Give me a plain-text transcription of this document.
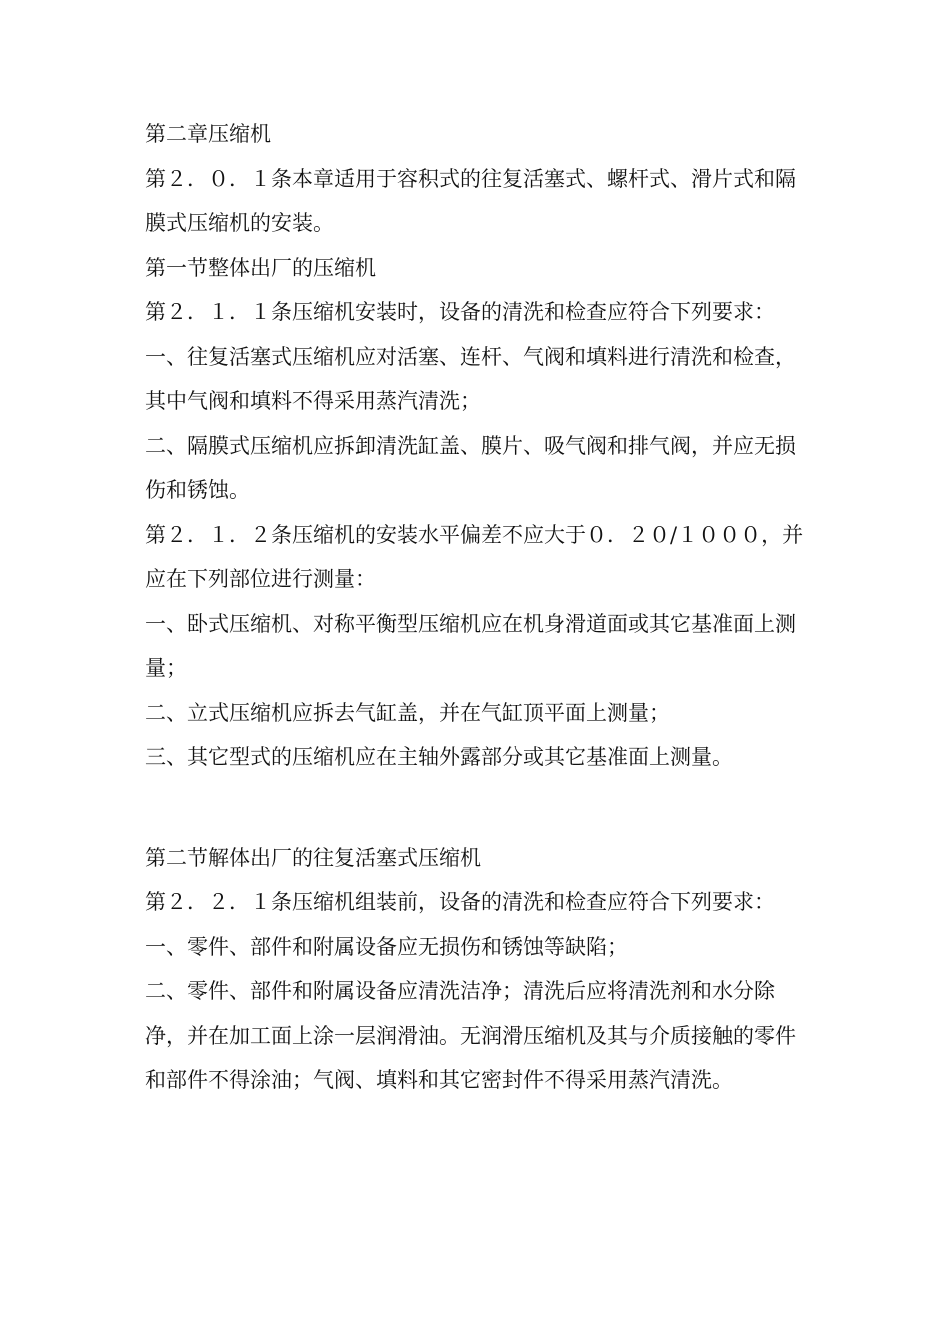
第二章压缩机

第２．０．１条本章适用于容积式的往复活塞式、螺杆式、滑片式和隔膜式压缩机的安装。

第一节整体出厂的压缩机

第２．１．１条压缩机安装时，设备的清洗和检查应符合下列要求：

一、往复活塞式压缩机应对活塞、连杆、气阀和填料进行清洗和检查，其中气阀和填料不得采用蒸汽清洗；

二、隔膜式压缩机应拆卸清洗缸盖、膜片、吸气阀和排气阀，并应无损伤和锈蚀。

第２．１．２条压缩机的安装水平偏差不应大于０．２０/１０００，并应在下列部位进行测量：

一、卧式压缩机、对称平衡型压缩机应在机身滑道面或其它基准面上测量；

二、立式压缩机应拆去气缸盖，并在气缸顶平面上测量；

三、其它型式的压缩机应在主轴外露部分或其它基准面上测量。

第二节解体出厂的往复活塞式压缩机

第２．２．１条压缩机组装前，设备的清洗和检查应符合下列要求：

一、零件、部件和附属设备应无损伤和锈蚀等缺陷；

二、零件、部件和附属设备应清洗洁净；清洗后应将清洗剂和水分除净，并在加工面上涂一层润滑油。无润滑压缩机及其与介质接触的零件和部件不得涂油；气阀、填料和其它密封件不得采用蒸汽清洗。
